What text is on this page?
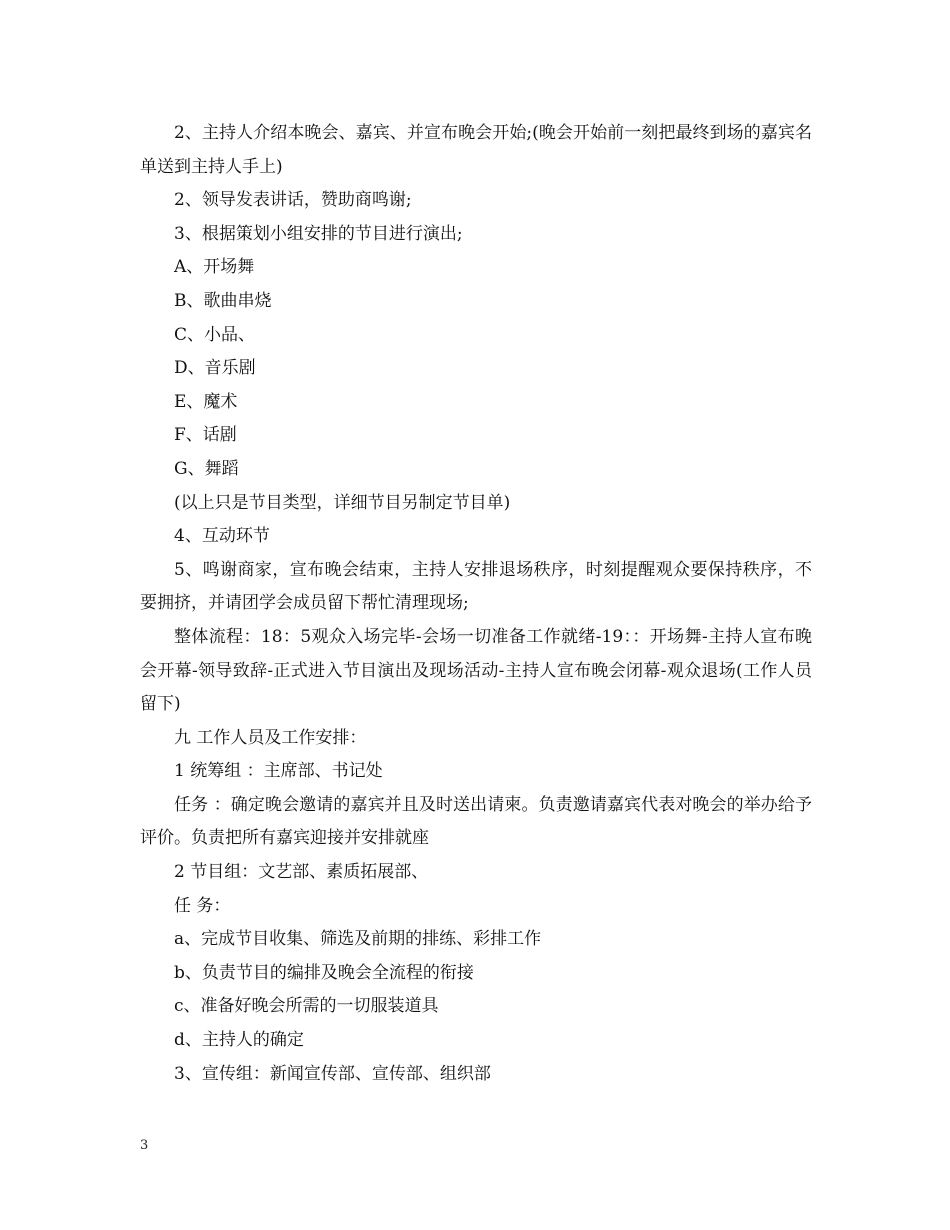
2、主持人介绍本晚会、嘉宾、并宣布晚会开始;(晚会开始前一刻把最终到场的嘉宾名单送到主持人手上)

2、领导发表讲话，赞助商鸣谢;

3、根据策划小组安排的节目进行演出;

A、开场舞

B、歌曲串烧

C、小品、

D、音乐剧

E、魔术

F、话剧

G、舞蹈

(以上只是节目类型，详细节目另制定节目单)

4、互动环节

5、鸣谢商家，宣布晚会结束，主持人安排退场秩序，时刻提醒观众要保持秩序，不要拥挤，并请团学会成员留下帮忙清理现场;

整体流程：18：5观众入场完毕-会场一切准备工作就绪-19：：开场舞-主持人宣布晚会开幕-领导致辞-正式进入节目演出及现场活动-主持人宣布晚会闭幕-观众退场(工作人员留下)

九 工作人员及工作安排：

1 统筹组 ：主席部、书记处

任务 ：确定晚会邀请的嘉宾并且及时送出请柬。负责邀请嘉宾代表对晚会的举办给予评价。负责把所有嘉宾迎接并安排就座

2 节目组：文艺部、素质拓展部、

任 务：

a、完成节目收集、筛选及前期的排练、彩排工作

b、负责节目的编排及晚会全流程的衔接

c、准备好晚会所需的一切服装道具

d、主持人的确定

3、宣传组：新闻宣传部、宣传部、组织部

3
